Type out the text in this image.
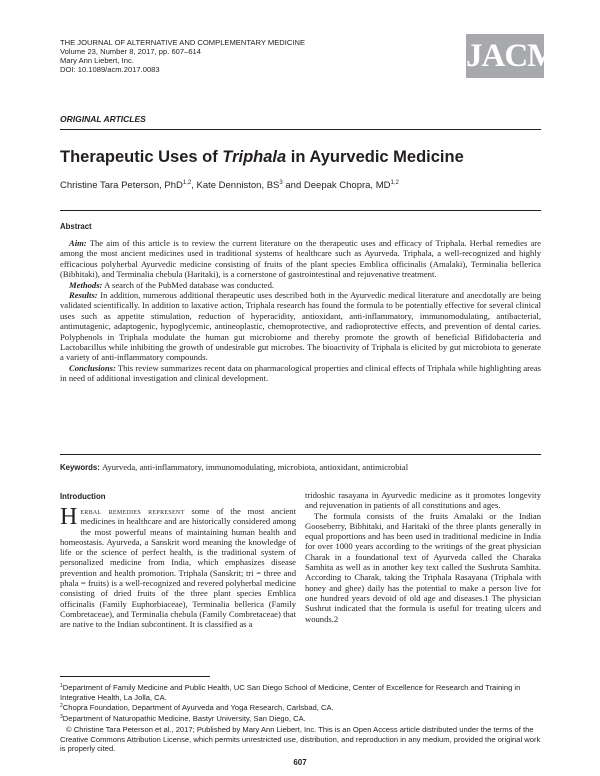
THE JOURNAL OF ALTERNATIVE AND COMPLEMENTARY MEDICINE
Volume 23, Number 8, 2017, pp. 607–614
Mary Ann Liebert, Inc.
DOI: 10.1089/acm.2017.0083	JACM
ORIGINAL ARTICLES
Therapeutic Uses of Triphala in Ayurvedic Medicine
Christine Tara Peterson, PhD$^{1,2}$, Kate Denniston, $BS^3$ and Deepak Chopra, MD$^{1,2}$
Abstract

Aim: The aim of this article is to review the current literature on the therapeutic uses and efficacy of Triphala. Herbal remedies are among the most ancient medicines used in traditional systems of healthcare such as Ayurveda. Triphala, a well-recognized and highly efficacious polyherbal Ayurvedic medicine consisting of fruits of the plant species Emblica officinalis (Amalaki), Terminalia bellerica (Bibhitaki), and Terminalia chebula (Haritaki), is a cornerstone of gastrointestinal and rejuvenative treatment.

Methods: A search of the PubMed database was conducted.

Results: In addition, numerous additional therapeutic uses described both in the Ayurvedic medical literature and anecdotally are being validated scientifically. In addition to laxative action, Triphala research has found the formula to be potentially effective for several clinical uses such as appetite stimulation, reduction of hyperacidity, antioxidant, anti-inflammatory, immunomodulating, antibacterial, antimutagenic, adaptogenic, hypoglycemic, antineoplastic, chemoprotective, and radioprotective effects, and prevention of dental caries. Polyphenols in Triphala modulate the human gut microbiome and thereby promote the growth of beneficial Bifidobacteria and Lactobacillus while inhibiting the growth of undesirable gut microbes. The bioactivity of Triphala is elicited by gut microbiota to generate a variety of anti-inflammatory compounds.

Conclusions: This review summarizes recent data on pharmacological properties and clinical effects of Triphala while highlighting areas in need of additional investigation and clinical development.

Keywords: Ayurveda, anti-inflammatory, immunomodulating, microbiota, antioxidant, antimicrobial
Introduction

Herbal remedies represent some of the most ancient medicines in healthcare and are historically considered among the most powerful means of maintaining human health and homeostasis. Ayurveda, a Sanskrit word meaning the knowledge of life or the science of perfect health, is the traditional system of personalized medicine from India, which emphasizes disease prevention and health promotion. Triphala (Sanskrit; tri = three and phala = fruits) is a well-recognized and revered polyherbal medicine consisting of dried fruits of the three plant species Emblica officinalis (Family Euphorbiaceae), Terminalia bellerica (Family Combretaceae), and Terminalia chebula (Family Combretaceae) that are native to the Indian subcontinent. It is classified as a

tridoshic rasayana in Ayurvedic medicine as it promotes longevity and rejuvenation in patients of all constitutions and ages.

The formula consists of the fruits Amalaki or the Indian Gooseberry, Bibhitaki, and Haritaki of the three plants generally in equal proportions and has been used in traditional medicine in India for over 1000 years according to the writings of the great physician Charak in a foundational text of Ayurveda called the Charaka Samhita as well as in another key text called the Sushruta Samhita. According to Charak, taking the Triphala Rasayana (Triphala with honey and ghee) daily has the potential to make a person live for one hundred years devoid of old age and diseases.1 The physician Sushrut indicated that the formula is useful for treating ulcers and wounds.2

$^1$Department of Family Medicine and Public Health, UC San Diego School of Medicine, Center of Excellence for Research and Training in Integrative Health, La Jolla, CA.
$^2$Chopra Foundation, Department of Ayurveda and Yoga Research, Carlsbad, CA.
$^3$Department of Naturopathic Medicine, Bastyr University, San Diego, CA.
© Christine Tara Peterson et al., 2017; Published by Mary Ann Liebert, Inc. This is an Open Access article distributed under the terms of the Creative Commons Attribution License, which permits unrestricted use, distribution, and reproduction in any medium, provided the original work is properly cited.
607
